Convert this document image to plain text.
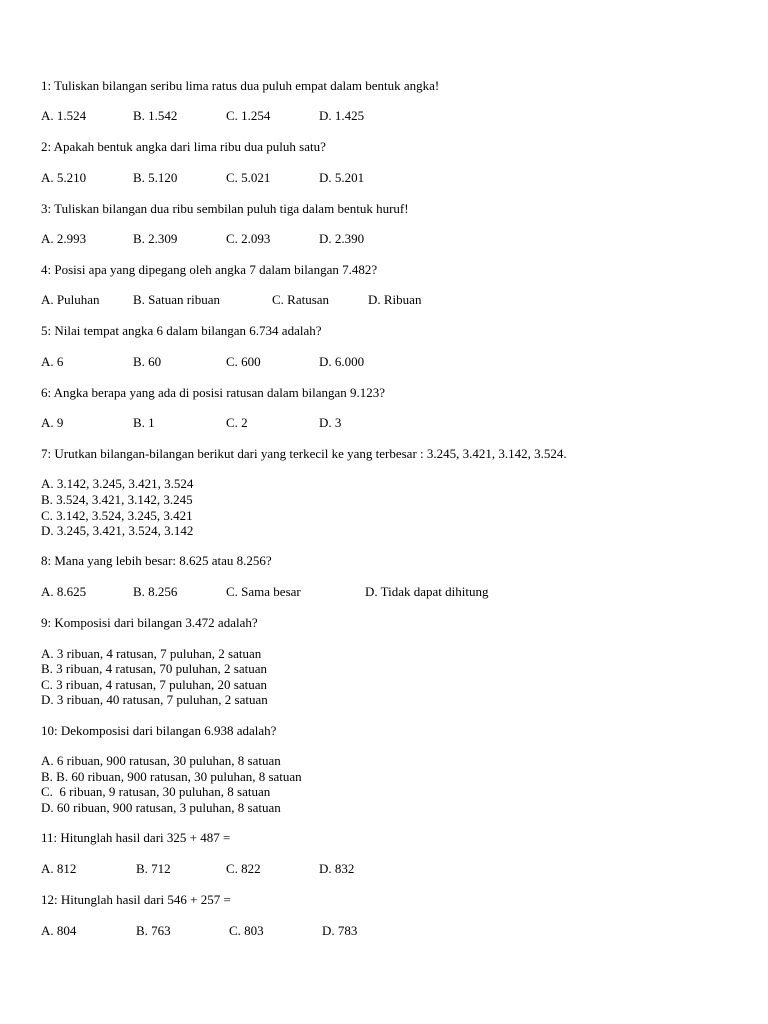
1: Tuliskan bilangan seribu lima ratus dua puluh empat dalam bentuk angka!
A. 1.524	B. 1.542	C. 1.254	D. 1.425
2: Apakah bentuk angka dari lima ribu dua puluh satu?
A. 5.210	B. 5.120	C. 5.021	D. 5.201
3: Tuliskan bilangan dua ribu sembilan puluh tiga dalam bentuk huruf!
A. 2.993	B. 2.309	C. 2.093	D. 2.390
4: Posisi apa yang dipegang oleh angka 7 dalam bilangan 7.482?
A. Puluhan	B. Satuan ribuan	C. Ratusan	D. Ribuan
5: Nilai tempat angka 6 dalam bilangan 6.734 adalah?
A. 6	B. 60	C. 600	D. 6.000
6: Angka berapa yang ada di posisi ratusan dalam bilangan 9.123?
A. 9	B. 1	C. 2	D. 3
7: Urutkan bilangan-bilangan berikut dari yang terkecil ke yang terbesar : 3.245, 3.421, 3.142, 3.524.
A. 3.142, 3.245, 3.421, 3.524
B. 3.524, 3.421, 3.142, 3.245
C. 3.142, 3.524, 3.245, 3.421
D. 3.245, 3.421, 3.524, 3.142
8: Mana yang lebih besar: 8.625 atau 8.256?
A. 8.625	B. 8.256	C. Sama besar	D. Tidak dapat dihitung
9: Komposisi dari bilangan 3.472 adalah?
A. 3 ribuan, 4 ratusan, 7 puluhan, 2 satuan
B. 3 ribuan, 4 ratusan, 70 puluhan, 2 satuan
C. 3 ribuan, 4 ratusan, 7 puluhan, 20 satuan
D. 3 ribuan, 40 ratusan, 7 puluhan, 2 satuan
10: Dekomposisi dari bilangan 6.938 adalah?
A. 6 ribuan, 900 ratusan, 30 puluhan, 8 satuan
B. B. 60 ribuan, 900 ratusan, 30 puluhan, 8 satuan
C.  6 ribuan, 9 ratusan, 30 puluhan, 8 satuan
D. 60 ribuan, 900 ratusan, 3 puluhan, 8 satuan
11: Hitunglah hasil dari 325 + 487 =
A. 812	B. 712	C. 822	D. 832
12: Hitunglah hasil dari 546 + 257 =
A. 804	B. 763	C. 803	D. 783
